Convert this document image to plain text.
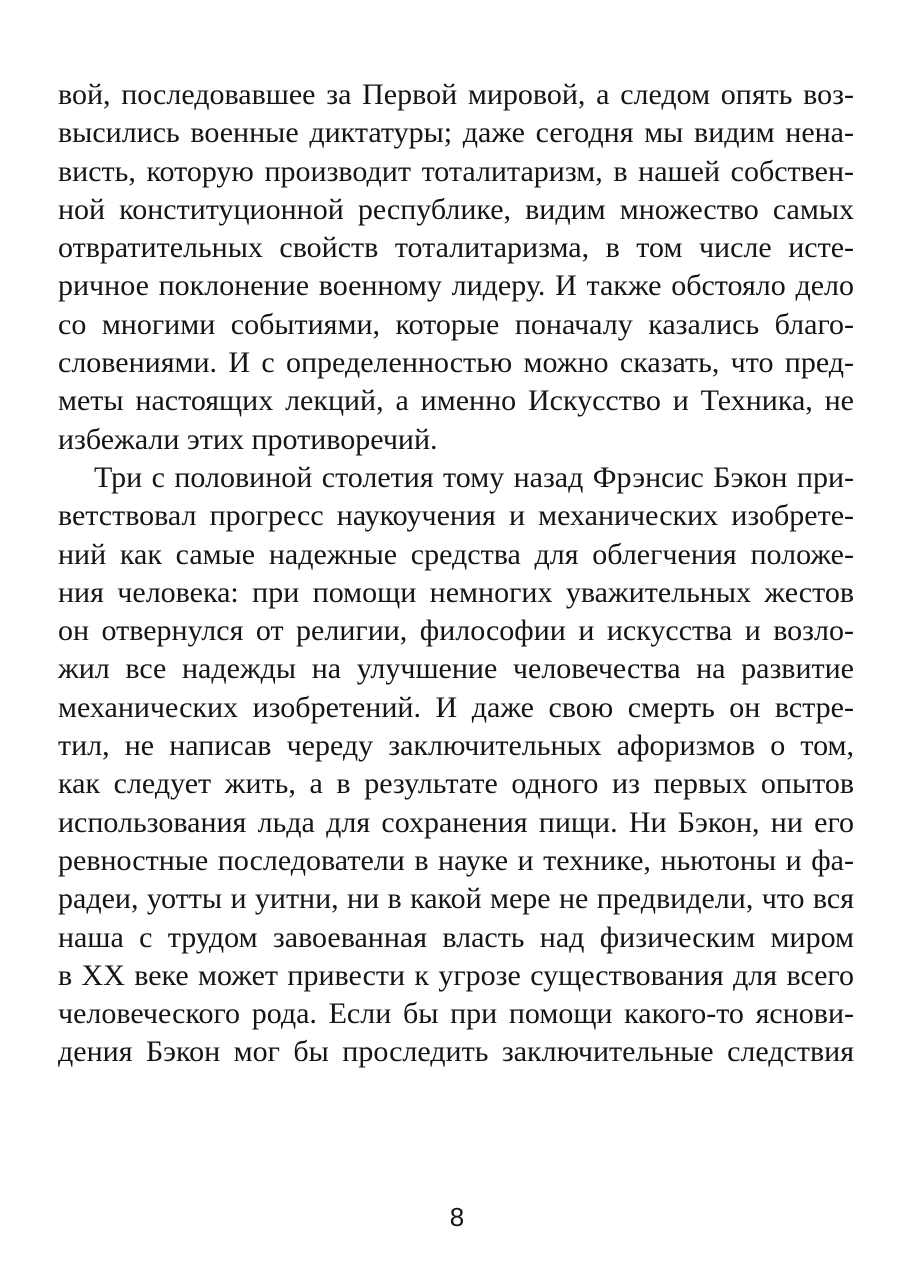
вой, последовавшее за Первой мировой, а следом опять воз-
высились военные диктатуры; даже сегодня мы видим нена-
висть, которую производит тоталитаризм, в нашей собствен-
ной конституционной республике, видим множество самых
отвратительных свойств тоталитаризма, в том числе исте-
ричное поклонение военному лидеру. И также обстояло дело
со многими событиями, которые поначалу казались благо-
словениями. И с определенностью можно сказать, что пред-
меты настоящих лекций, а именно Искусство и Техника, не
избежали этих противоречий.
Три с половиной столетия тому назад Фрэнсис Бэкон при-
ветствовал прогресс наукоучения и механических изобрете-
ний как самые надежные средства для облегчения положе-
ния человека: при помощи немногих уважительных жестов
он отвернулся от религии, философии и искусства и возло-
жил все надежды на улучшение человечества на развитие
механических изобретений. И даже свою смерть он встре-
тил, не написав череду заключительных афоризмов о том,
как следует жить, а в результате одного из первых опытов
использования льда для сохранения пищи. Ни Бэкон, ни его
ревностные последователи в науке и технике, ньютоны и фа-
радеи, уотты и уитни, ни в какой мере не предвидели, что вся
наша с трудом завоеванная власть над физическим миром
в XX веке может привести к угрозе существования для всего
человеческого рода. Если бы при помощи какого-то яснови-
дения Бэкон мог бы проследить заключительные следствия
8
